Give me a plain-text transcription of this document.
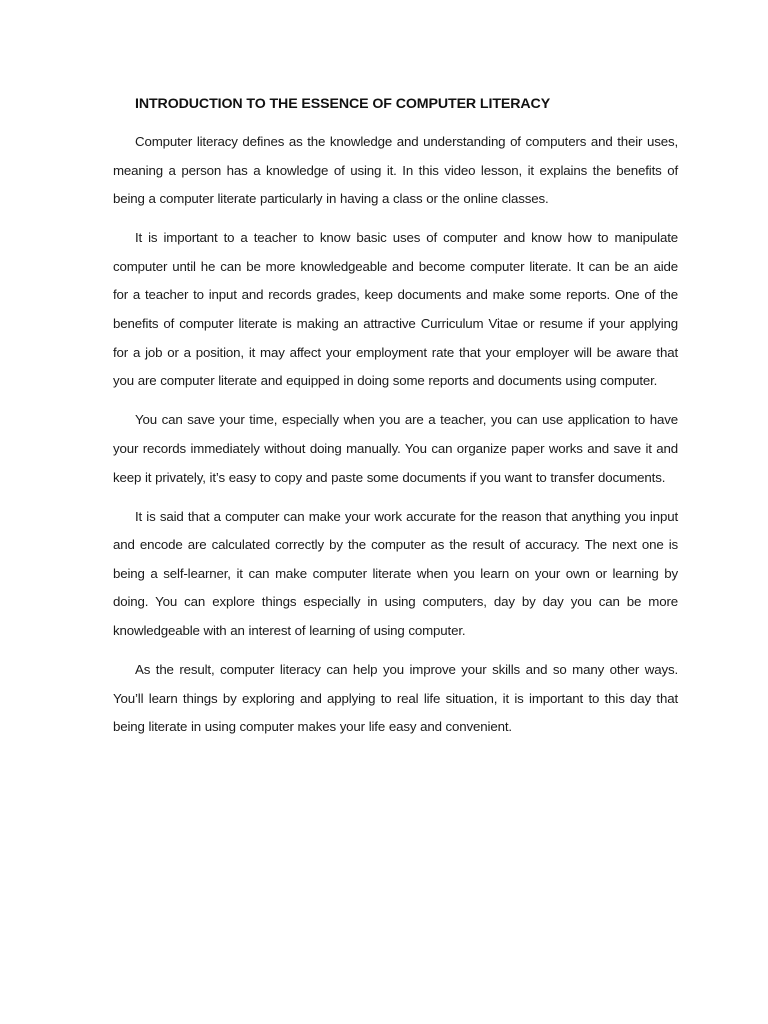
INTRODUCTION TO THE ESSENCE OF COMPUTER LITERACY

Computer literacy defines as the knowledge and understanding of computers and their uses, meaning a person has a knowledge of using it. In this video lesson, it explains the benefits of being a computer literate particularly in having a class or the online classes.

It is important to a teacher to know basic uses of computer and know how to manipulate computer until he can be more knowledgeable and become computer literate. It can be an aide for a teacher to input and records grades, keep documents and make some reports. One of the benefits of computer literate is making an attractive Curriculum Vitae or resume if your applying for a job or a position, it may affect your employment rate that your employer will be aware that you are computer literate and equipped in doing some reports and documents using computer.

You can save your time, especially when you are a teacher, you can use application to have your records immediately without doing manually. You can organize paper works and save it and keep it privately, it’s easy to copy and paste some documents if you want to transfer documents.

It is said that a computer can make your work accurate for the reason that anything you input and encode are calculated correctly by the computer as the result of accuracy. The next one is being a self-learner, it can make computer literate when you learn on your own or learning by doing. You can explore things especially in using computers, day by day you can be more knowledgeable with an interest of learning of using computer.

As the result, computer literacy can help you improve your skills and so many other ways. You’ll learn things by exploring and applying to real life situation, it is important to this day that being literate in using computer makes your life easy and convenient.
